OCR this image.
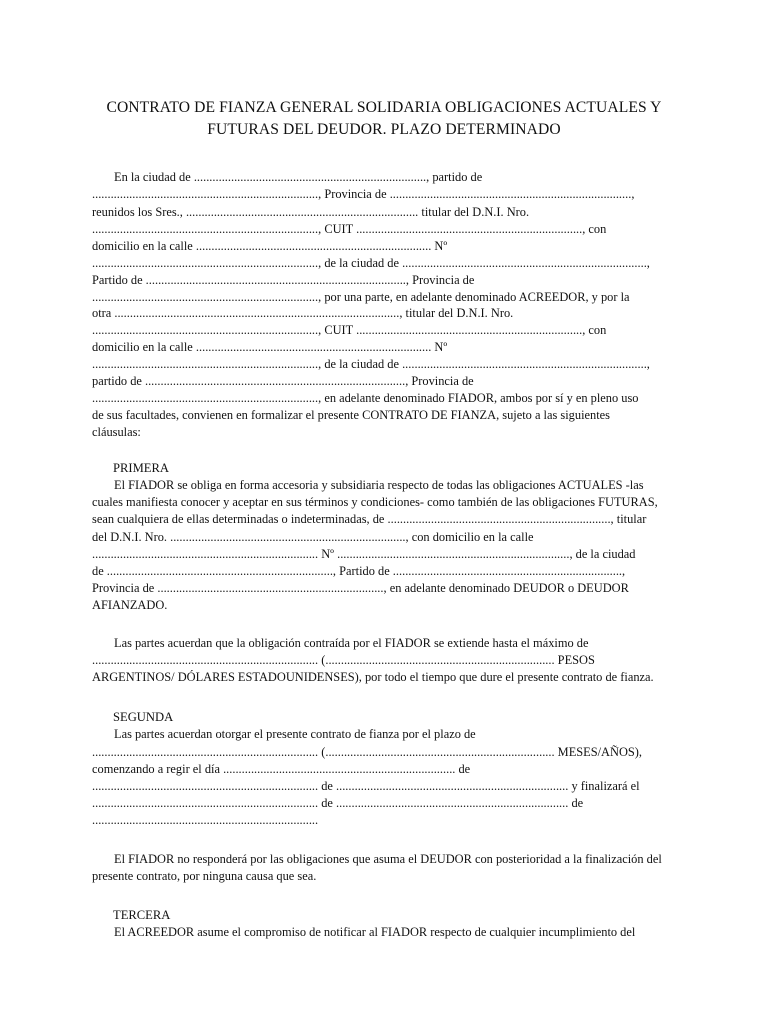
CONTRATO DE FIANZA GENERAL SOLIDARIA OBLIGACIONES ACTUALES Y
FUTURAS DEL DEUDOR. PLAZO DETERMINADO
En la ciudad de ..........................................................................., partido de
........................................................................., Provincia de ..............................................................................,
reunidos los Sres., ........................................................................... titular del D.N.I. Nro.
........................................................................., CUIT ........................................................................., con
domicilio en la calle ............................................................................ Nº
........................................................................., de la ciudad de ...............................................................................,
Partido de ...................................................................................., Provincia de
........................................................................., por una parte, en adelante denominado ACREEDOR, y por la
otra ............................................................................................, titular del D.N.I. Nro.
........................................................................., CUIT ........................................................................., con
domicilio en la calle ............................................................................ Nº
........................................................................., de la ciudad de ...............................................................................,
partido de ...................................................................................., Provincia de
........................................................................., en adelante denominado FIADOR, ambos por sí y en pleno uso
de sus facultades, convienen en formalizar el presente CONTRATO DE FIANZA, sujeto a las siguientes
cláusulas:
PRIMERA
El FIADOR se obliga en forma accesoria y subsidiaria respecto de todas las obligaciones ACTUALES -las
cuales manifiesta conocer y aceptar en sus términos y condiciones- como también de las obligaciones FUTURAS,
sean cualquiera de ellas determinadas o indeterminadas, de ........................................................................, titular
del D.N.I. Nro. ............................................................................, con domicilio en la calle
......................................................................... Nº ..........................................................................., de la ciudad
de ........................................................................., Partido de ..........................................................................,
Provincia de ........................................................................., en adelante denominado DEUDOR o DEUDOR
AFIANZADO.
Las partes acuerdan que la obligación contraída por el FIADOR se extiende hasta el máximo de
......................................................................... (.......................................................................... PESOS
ARGENTINOS/ DÓLARES ESTADOUNIDENSES), por todo el tiempo que dure el presente contrato de fianza.
SEGUNDA
Las partes acuerdan otorgar el presente contrato de fianza por el plazo de
......................................................................... (.......................................................................... MESES/AÑOS),
comenzando a regir el día ........................................................................... de
......................................................................... de ........................................................................... y finalizará el
......................................................................... de ........................................................................... de
.........................................................................
El FIADOR no responderá por las obligaciones que asuma el DEUDOR con posterioridad a la finalización del
presente contrato, por ninguna causa que sea.
TERCERA
El ACREEDOR asume el compromiso de notificar al FIADOR respecto de cualquier incumplimiento del
